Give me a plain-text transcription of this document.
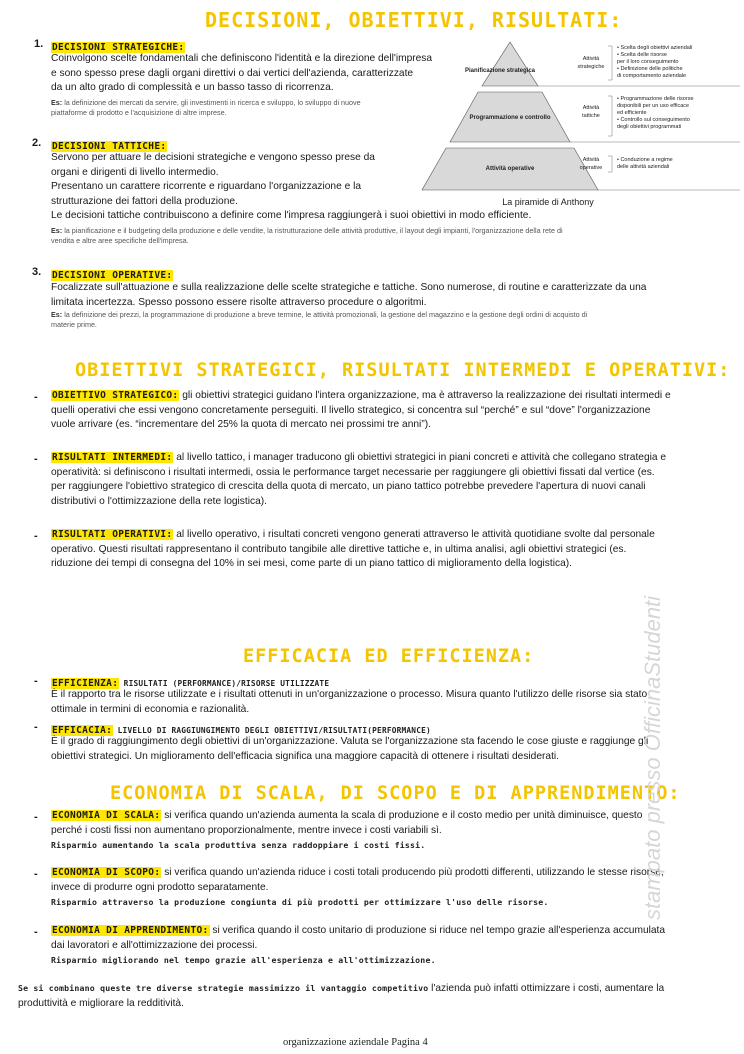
DECISIONI, OBIETTIVI, RISULTATI:
1. DECISIONI STRATEGICHE:
Coinvolgono scelte fondamentali che definiscono l'identità e la direzione dell'impresa
e sono spesso prese dagli organi direttivi o dai vertici dell'azienda, caratterizzate
da un alto grado di complessità e un basso tasso di ricorrenza.
Es: la definizione dei mercati da servire, gli investimenti in ricerca e sviluppo, lo sviluppo di nuove
piattaforme di prodotto e l'acquisizione di altre imprese.
2. DECISIONI TATTICHE:
Servono per attuare le decisioni strategiche e vengono spesso prese da
organi e dirigenti di livello intermedio.
Presentano un carattere ricorrente e riguardano l'organizzazione e la
strutturazione dei fattori della produzione.
Le decisioni tattiche contribuiscono a definire come l'impresa raggiungerà i suoi obiettivi in modo efficiente.
Es: la pianificazione e il budgeting della produzione e delle vendite, la ristrutturazione delle attività produttive, il layout degli impianti, l'organizzazione della rete di
vendita e altre aree specifiche dell'impresa.
3. DECISIONI OPERATIVE:
Focalizzate sull'attuazione e sulla realizzazione delle scelte strategiche e tattiche. Sono numerose, di routine e caratterizzate da una
limitata incertezza. Spesso possono essere risolte attraverso procedure o algoritmi.
Es: la definizione dei prezzi, la programmazione di produzione a breve termine, le attività promozionali, la gestione del magazzino e la gestione degli ordini di acquisto di
materie prime.
Pianificazione strategica
Programmazione e controllo
Attività operative
Attività
strategiche
Attività
tattiche
Attività
operative
• Scelta degli obiettivi aziendali
• Scelta delle risorse
per il loro conseguimento
• Definizione delle politiche
di comportamento aziendale
• Programmazione delle risorse
disponibili per un uso efficace
ed efficiente
• Controllo sul conseguimento
degli obiettivi programmati
• Conduzione a regime
delle attività aziendali
La piramide di Anthony
OBIETTIVI STRATEGICI, RISULTATI INTERMEDI E OPERATIVI:
- OBIETTIVO STRATEGICO: gli obiettivi strategici guidano l'intera organizzazione, ma è attraverso la realizzazione dei risultati intermedi e
quelli operativi che essi vengono concretamente perseguiti. Il livello strategico, si concentra sul “perché” e sul “dove” l'organizzazione
vuole arrivare (es. “incrementare del 25% la quota di mercato nei prossimi tre anni”).
- RISULTATI INTERMEDI: al livello tattico, i manager traducono gli obiettivi strategici in piani concreti e attività che collegano strategia e
operatività: si definiscono i risultati intermedi, ossia le performance target necessarie per raggiungere gli obiettivi fissati dal vertice (es.
per raggiungere l'obiettivo strategico di crescita della quota di mercato, un piano tattico potrebbe prevedere l'apertura di nuovi canali
distributivi o l'ottimizzazione della rete logistica).
- RISULTATI OPERATIVI: al livello operativo, i risultati concreti vengono generati attraverso le attività quotidiane svolte dal personale
operativo. Questi risultati rappresentano il contributo tangibile alle direttive tattiche e, in ultima analisi, agli obiettivi strategici (es.
riduzione dei tempi di consegna del 10% in sei mesi, come parte di un piano tattico di miglioramento della logistica).
EFFICACIA ED EFFICIENZA:
- EFFICIENZA: RISULTATI (PERFORMANCE)/RISORSE UTILIZZATE
È il rapporto tra le risorse utilizzate e i risultati ottenuti in un'organizzazione o processo. Misura quanto l'utilizzo delle risorse sia stato
ottimale in termini di economia e razionalità.
- EFFICACIA: LIVELLO DI RAGGIUNGIMENTO DEGLI OBIETTIVI/RISULTATI(PERFORMANCE)
È il grado di raggiungimento degli obiettivi di un'organizzazione. Valuta se l'organizzazione sta facendo le cose giuste e raggiunge gli
obiettivi strategici. Un miglioramento dell'efficacia significa una maggiore capacità di ottenere i risultati desiderati.
ECONOMIA DI SCALA, DI SCOPO E DI APPRENDIMENTO:
- ECONOMIA DI SCALA: si verifica quando un'azienda aumenta la scala di produzione e il costo medio per unità diminuisce, questo
perché i costi fissi non aumentano proporzionalmente, mentre invece i costi variabili sì.
Risparmio aumentando la scala produttiva senza raddoppiare i costi fissi.
- ECONOMIA DI SCOPO: si verifica quando un'azienda riduce i costi totali producendo più prodotti differenti, utilizzando le stesse risorse,
invece di produrre ogni prodotto separatamente.
Risparmio attraverso la produzione congiunta di più prodotti per ottimizzare l'uso delle risorse.
- ECONOMIA DI APPRENDIMENTO: si verifica quando il costo unitario di produzione si riduce nel tempo grazie all'esperienza accumulata
dai lavoratori e all'ottimizzazione dei processi.
Risparmio migliorando nel tempo grazie all'esperienza e all'ottimizzazione.
Se si combinano queste tre diverse strategie massimizzo il vantaggio competitivo l'azienda può infatti ottimizzare i costi, aumentare la
produttività e migliorare la redditività.
stampato presso OfficinaStudenti
organizzazione aziendale Pagina 4
